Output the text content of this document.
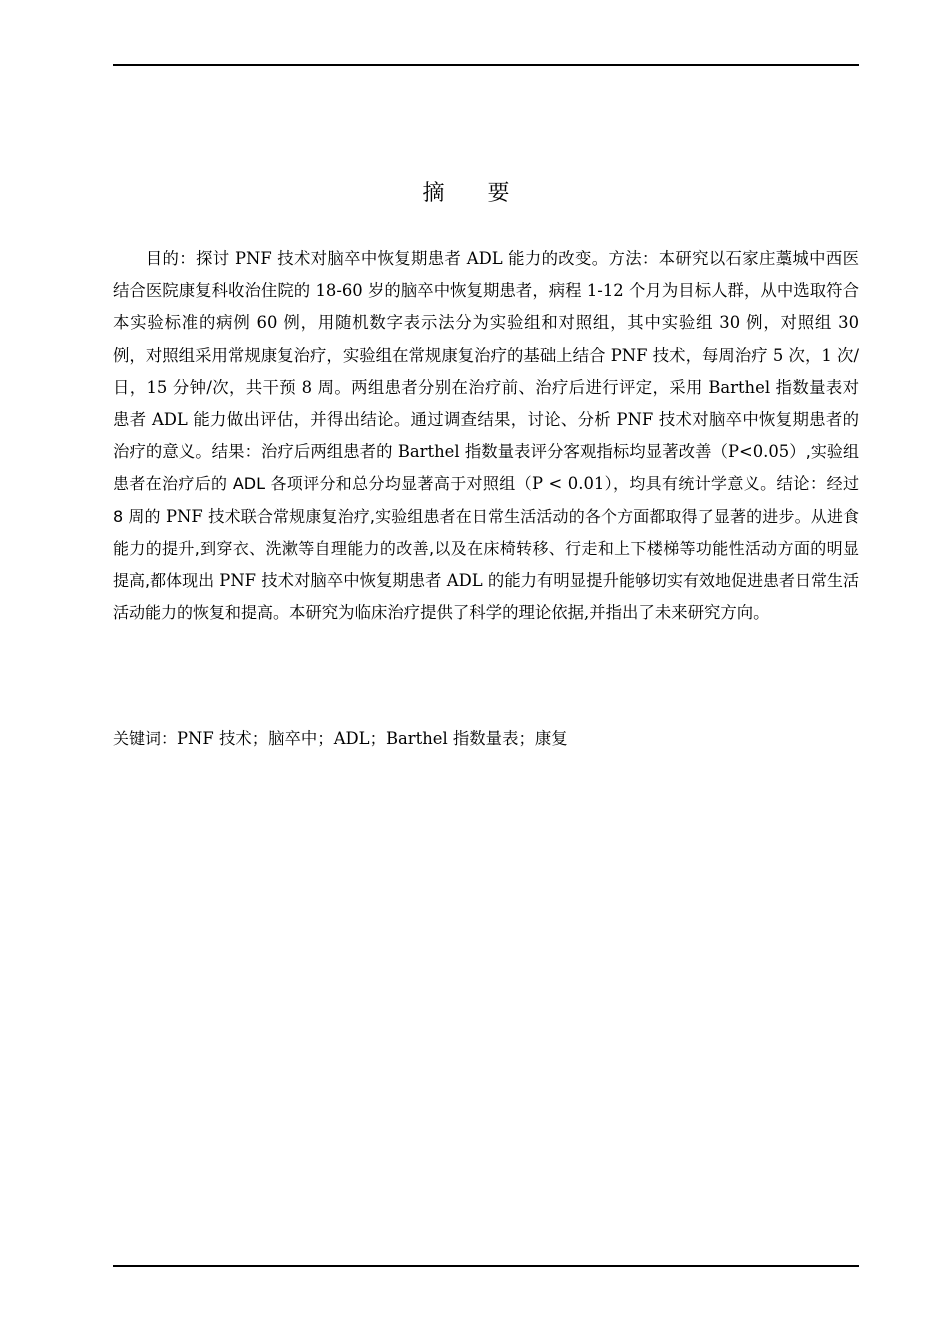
摘 要

目的：探讨 PNF 技术对脑卒中恢复期患者 ADL 能力的改变。方法：本研究以石家庄藁城中西医结合医院康复科收治住院的 18-60 岁的脑卒中恢复期患者，病程 1-12 个月为目标人群，从中选取符合本实验标准的病例 60 例，用随机数字表示法分为实验组和对照组，其中实验组 30 例，对照组 30 例，对照组采用常规康复治疗，实验组在常规康复治疗的基础上结合 PNF 技术，每周治疗 5 次，1 次/日，15 分钟/次，共干预 8 周。两组患者分别在治疗前、治疗后进行评定，采用 Barthel 指数量表对患者 ADL 能力做出评估，并得出结论。通过调查结果，讨论、分析 PNF 技术对脑卒中恢复期患者的治疗的意义。结果：治疗后两组患者的 Barthel 指数量表评分客观指标均显著改善（P<0.05）,实验组患者在治疗后的 ADL 各项评分和总分均显著高于对照组（P < 0.01），均具有统计学意义。结论：经过 8 周的 PNF 技术联合常规康复治疗,实验组患者在日常生活活动的各个方面都取得了显著的进步。从进食能力的提升,到穿衣、洗漱等自理能力的改善,以及在床椅转移、行走和上下楼梯等功能性活动方面的明显提高,都体现出 PNF 技术对脑卒中恢复期患者 ADL 的能力有明显提升能够切实有效地促进患者日常生活活动能力的恢复和提高。本研究为临床治疗提供了科学的理论依据,并指出了未来研究方向。

关键词：PNF 技术；脑卒中；ADL；Barthel 指数量表；康复
